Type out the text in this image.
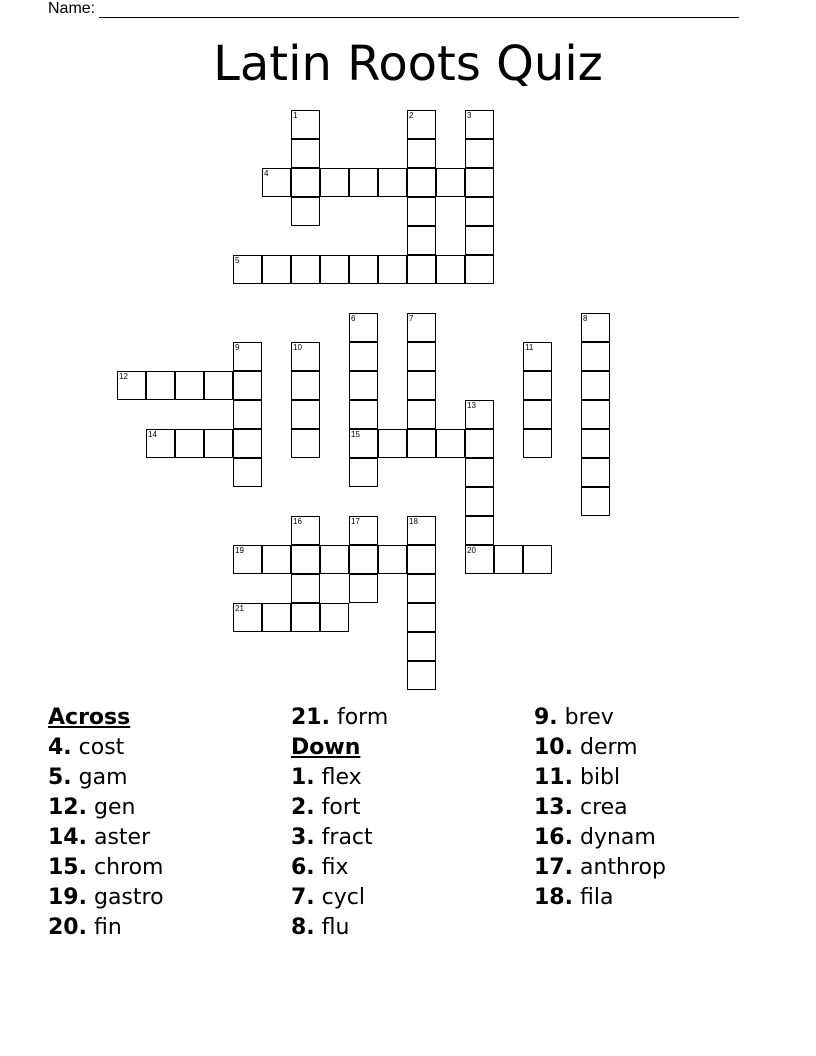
Name:
Latin Roots Quiz
1	2	3
4
5
6
15
7	8
9	10	11
12
13
20
14
16	17	18
19
21
Across
4. cost
5. gam
12. gen
14. aster
15. chrom
19. gastro
20. fin
21. form
Down
1. flex
2. fort
3. fract
6. fix
7. cycl
8. flu
9. brev
10. derm
11. bibl
13. crea
16. dynam
17. anthrop
18. fila
